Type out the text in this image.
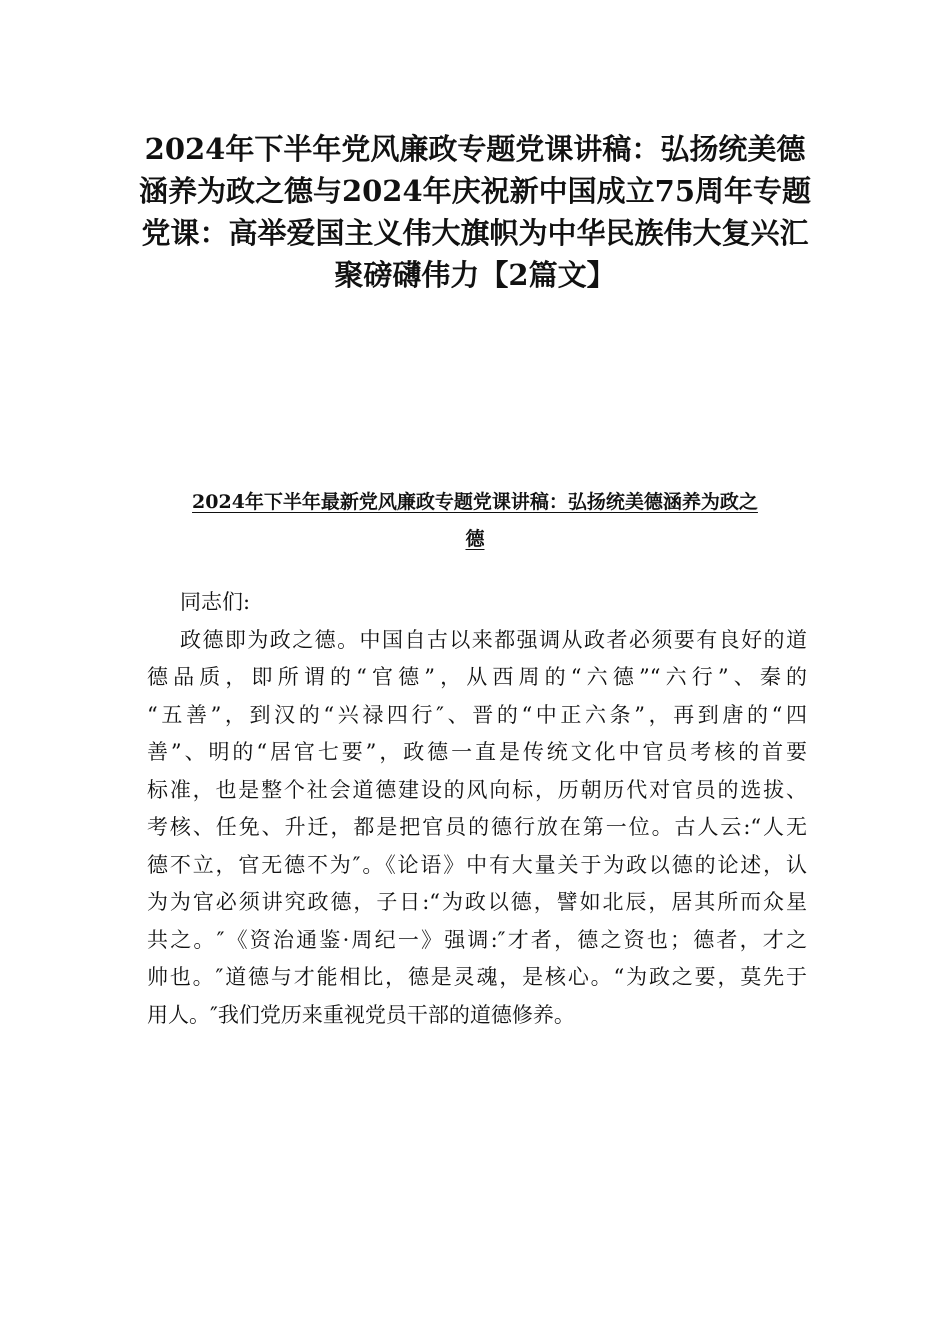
2024年下半年党风廉政专题党课讲稿：弘扬统美德
涵养为政之德与2024年庆祝新中国成立75周年专题
党课：高举爱国主义伟大旗帜为中华民族伟大复兴汇
聚磅礴伟力【2篇文】
2024年下半年最新党风廉政专题党课讲稿：弘扬统美德涵养为政之
德
同志们:
政德即为政之德。中国自古以来都强调从政者必须要有良好的道
德品质，即所谓的“官德”，从西周的“六德”“六行”、秦的
“五善”，到汉的“兴禄四行″、晋的“中正六条”，再到唐的“四
善”、明的“居官七要”，政德一直是传统文化中官员考核的首要
标准，也是整个社会道德建设的风向标，历朝历代对官员的选拔、
考核、任免、升迁，都是把官员的德行放在第一位。古人云:“人无
德不立，官无德不为″。《论语》中有大量关于为政以德的论述，认
为为官必须讲究政德，子日:“为政以德，譬如北辰，居其所而众星
共之。″《资治通鉴·周纪一》强调:″才者，德之资也；德者，才之
帅也。″道德与才能相比，德是灵魂，是核心。“为政之要，莫先于
用人。″我们党历来重视党员干部的道德修养。
